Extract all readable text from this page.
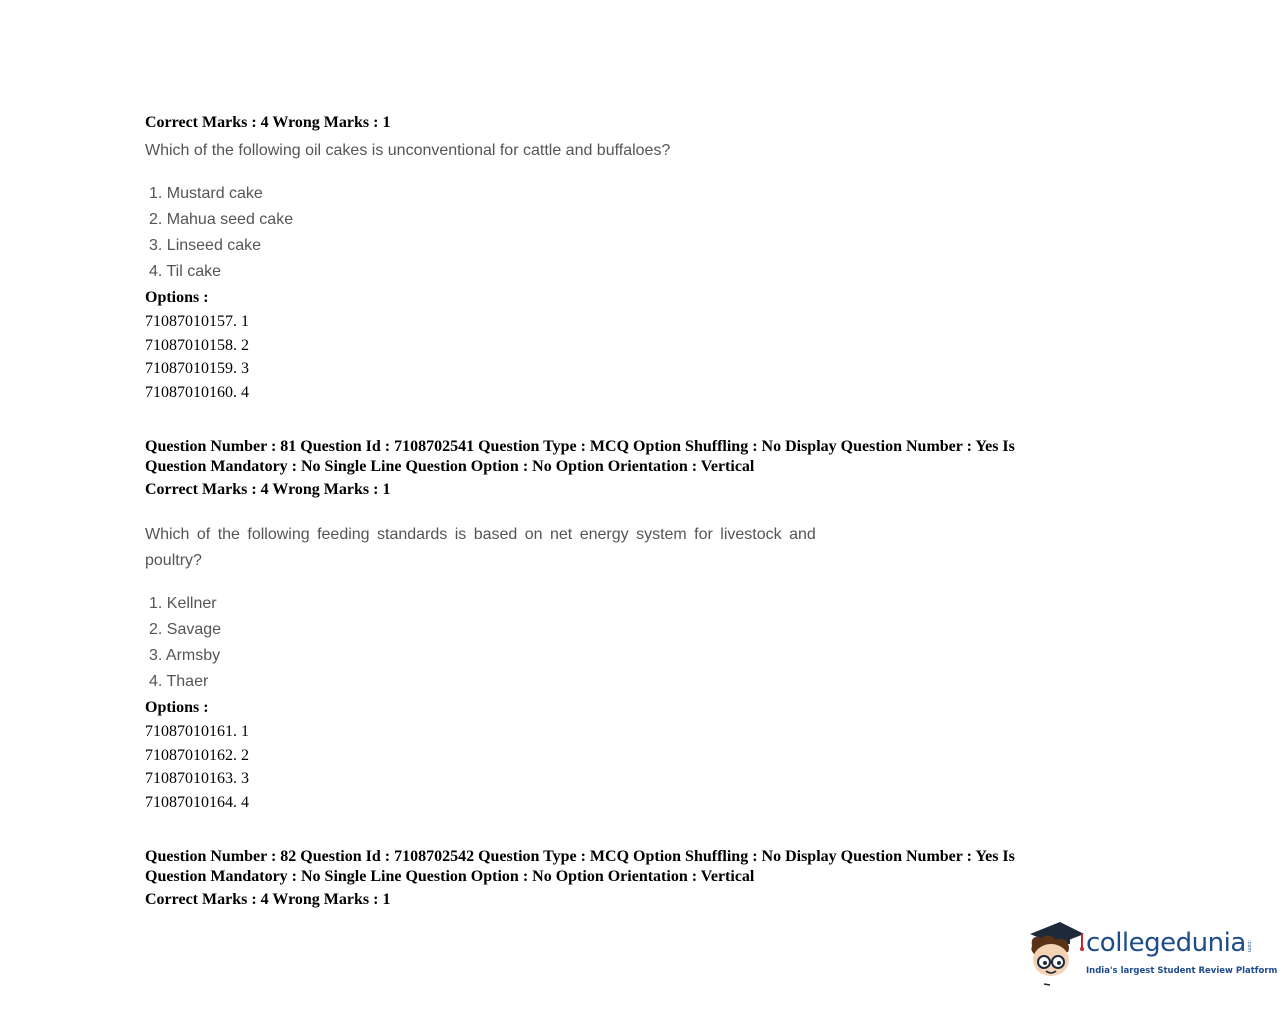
Correct Marks : 4 Wrong Marks : 1
Which of the following oil cakes is unconventional for cattle and buffaloes?
1. Mustard cake
2. Mahua seed cake
3. Linseed cake
4. Til cake
Options :
71087010157. 1
71087010158. 2
71087010159. 3
71087010160. 4
Question Number : 81 Question Id : 7108702541 Question Type : MCQ Option Shuffling : No Display Question Number : Yes Is
Question Mandatory : No Single Line Question Option : No Option Orientation : Vertical
Correct Marks : 4 Wrong Marks : 1
Which of the following feeding standards is based on net energy system for livestock and
poultry?
1. Kellner
2. Savage
3. Armsby
4. Thaer
Options :
71087010161. 1
71087010162. 2
71087010163. 3
71087010164. 4
Question Number : 82 Question Id : 7108702542 Question Type : MCQ Option Shuffling : No Display Question Number : Yes Is
Question Mandatory : No Single Line Question Option : No Option Orientation : Vertical
Correct Marks : 4 Wrong Marks : 1
collegedunia .com
India's largest Student Review Platform
